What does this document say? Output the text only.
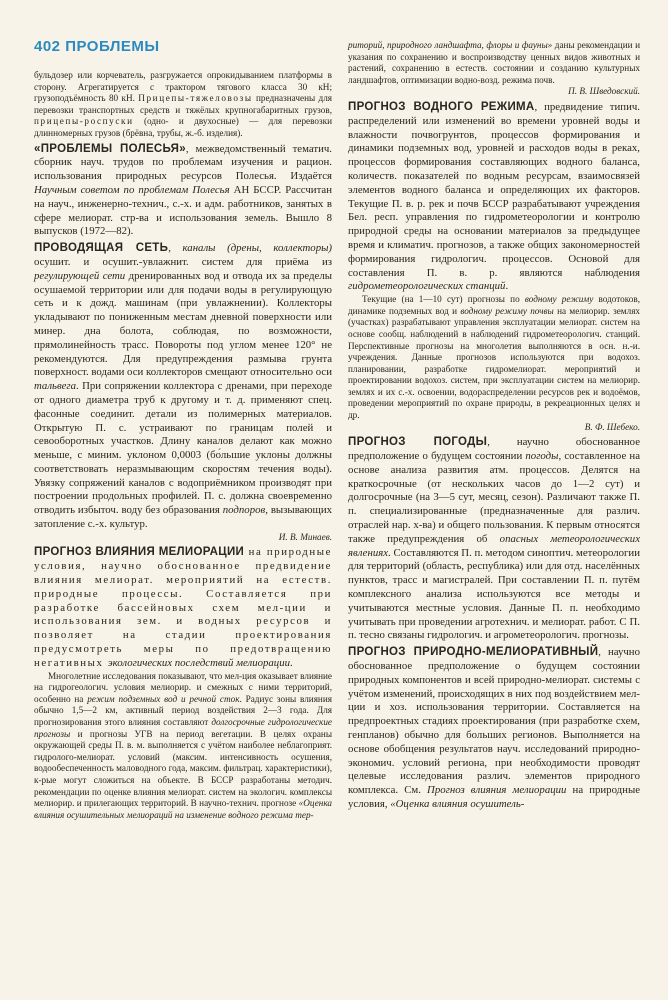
402 ПРОБЛЕМЫ

бульдозер или корчеватель, разгружается опрокидыванием платформы в сторону. Агрегатируется с трактором тягового класса 30 кН; грузоподъёмность 80 кН. Прицепы-тяжеловозы предназначены для перевозки транспортных средств и тяжёлых крупногабаритных грузов, прицепы-роспуски (одно- и двухосные) — для перевозки длинномерных грузов (брёвна, трубы, ж.-б. изделия).

«ПРОБЛЕМЫ ПОЛЕСЬЯ», межведомственный тематич. сборник науч. трудов по проблемам изучения и рацион. использования природных ресурсов Полесья. Издаётся Научным советом по проблемам Полесья АН БССР. Рассчитан на науч., инженерно-технич., с.-х. и адм. работников, занятых в сфере мелиорат. стр-ва и использования земель. Вышло 8 выпусков (1972—82).

ПРОВОДЯЩАЯ СЕТЬ, каналы (дрены, коллекторы) осушит. и осушит.-увлажнит. систем для приёма из регулирующей сети дренированных вод и отвода их за пределы осушаемой территории или для подачи воды в регулирующую сеть и к дожд. машинам (при увлажнении). Коллекторы укладывают по пониженным местам дневной поверхности или минер. дна болота, соблюдая, по возможности, прямолинейность трасс. Повороты под углом менее 120° не рекомендуются. Для предупреждения размыва грунта поверхност. водами оси коллекторов смещают относительно оси тальвега. При сопряжении коллектора с дренами, при переходе от одного диаметра труб к другому и т. д. применяют спец. фасонные соединит. детали из полимерных материалов. Открытую П. с. устраивают по границам полей и севооборотных участков. Длину каналов делают как можно меньше, с миним. уклоном 0,0003 (бо́льшие уклоны должны соответствовать неразмывающим скоростям течения воды). Увязку сопряжений каналов с водоприёмником производят при построении продольных профилей. П. с. должна своевременно отводить избыточ. воду без образования подпоров, вызывающих затопление с.-х. культур.

И. В. Минаев.

ПРОГНОЗ ВЛИЯНИЯ МЕЛИОРАЦИИ на природные условия, научно обоснованное предвидение влияния мелиорат. мероприятий на естеств. природные процессы. Составляется при разработке бассейновых схем мел-ции и использования зем. и водных ресурсов и позволяет на стадии проектирования предусмотреть меры по предотвращению негативных экологических последствий мелиорации.

Многолетние исследования показывают, что мел-ция оказывает влияние на гидрогеологич. условия мелиорир. и смежных с ними территорий, особенно на режим подземных вод и речной сток. Радиус зоны влияния обычно 1,5—2 км, активный период воздействия 2—3 года. Для прогнозирования этого влияния составляют долгосрочные гидрологические прогнозы и прогнозы УГВ на период вегетации. В целях охраны окружающей среды П. в. м. выполняется с учётом наиболее неблагоприят. гидролого-мелиорат. условий (максим. интенсивность осушения, водообеспеченность маловодного года, максим. фильтрац. характеристики), к-рые могут сложиться на объекте. В БССР разработаны методич. рекомендации по оценке влияния мелиорат. систем на экологич. комплексы мелиорир. и прилегающих территорий. В научно-технич. прогнозе «Оценка влияния осушительных мелиораций на изменение водного режима тер-

риторий, природного ландшафта, флоры и фауны» даны рекомендации и указания по сохранению и воспроизводству ценных видов животных и растений, сохранению в естеств. состоянии и созданию культурных ландшафтов, оптимизации водно-возд. режима почв.

П. В. Шведовский.

ПРОГНОЗ ВОДНОГО РЕЖИМА, предвидение типич. распределений или изменений во времени уровней воды и влажности почвогрунтов, процессов формирования и динамики подземных вод, уровней и расходов воды в реках, процессов формирования составляющих водного баланса, количеств. показателей по водным ресурсам, взаимосвязей элементов водного баланса и определяющих их факторов. Текущие П. в. р. рек и почв БССР разрабатывают учреждения Бел. респ. управления по гидрометеорологии и контролю природной среды на основании материалов за предыдущее время и климатич. прогнозов, а также общих закономерностей формирования гидрологич. процессов. Основой для составления П. в. р. являются наблюдения гидрометеорологических станций.

Текущие (на 1—10 сут) прогнозы по водному режиму водотоков, динамике подземных вод и водному режиму почвы на мелиорир. землях (участках) разрабатывают управления эксплуатации мелиорат. систем на основе сообщ. наблюдений в наблюдений гидрометеорологич. станций. Перспективные прогнозы на многолетия выполняются в осн. н.-и. учреждения. Данные прогнозов используются при водохоз. планировании, разработке гидромелиорат. мероприятий и проектировании водохоз. систем, при эксплуатации систем на мелиорир. землях и их с.-х. освоении, водораспределении ресурсов рек и водоёмов, проведении мероприятий по охране природы, в рекреационных целях и др.

В. Ф. Шебеко.

ПРОГНОЗ ПОГОДЫ, научно обоснованное предположение о будущем состоянии погоды, составленное на основе анализа развития атм. процессов. Делятся на краткосрочные (от нескольких часов до 1—2 сут) и долгосрочные (на 3—5 сут, месяц, сезон). Различают также П. п. специализированные (предназначенные для различ. отраслей нар. х-ва) и общего пользования. К первым относятся также предупреждения об опасных метеорологических явлениях. Составляются П. п. методом синоптич. метеорологии для территорий (область, республика) или для отд. населённых пунктов, трасс и магистралей. При составлении П. п. путём комплексного анализа используются все методы и учитываются местные условия. Данные П. п. необходимо учитывать при проведении агротехнич. и мелиорат. работ. С П. п. тесно связаны гидрологич. и агрометеорологич. прогнозы.

ПРОГНОЗ ПРИРОДНО-МЕЛИОРАТИВНЫЙ, научно обоснованное предположение о будущем состоянии природных компонентов и всей природно-мелиорат. системы с учётом изменений, происходящих в них под воздействием мел-ции и хоз. использования территории. Составляется на предпроектных стадиях проектирования (при разработке схем, генпланов) обычно для больших регионов. Выполняется на основе обобщения результатов науч. исследований природно-экономич. условий региона, при необходимости проводят целевые исследования различ. элементов природного комплекса. См. Прогноз влияния мелиорации на природные условия, «Оценка влияния осушитель-
